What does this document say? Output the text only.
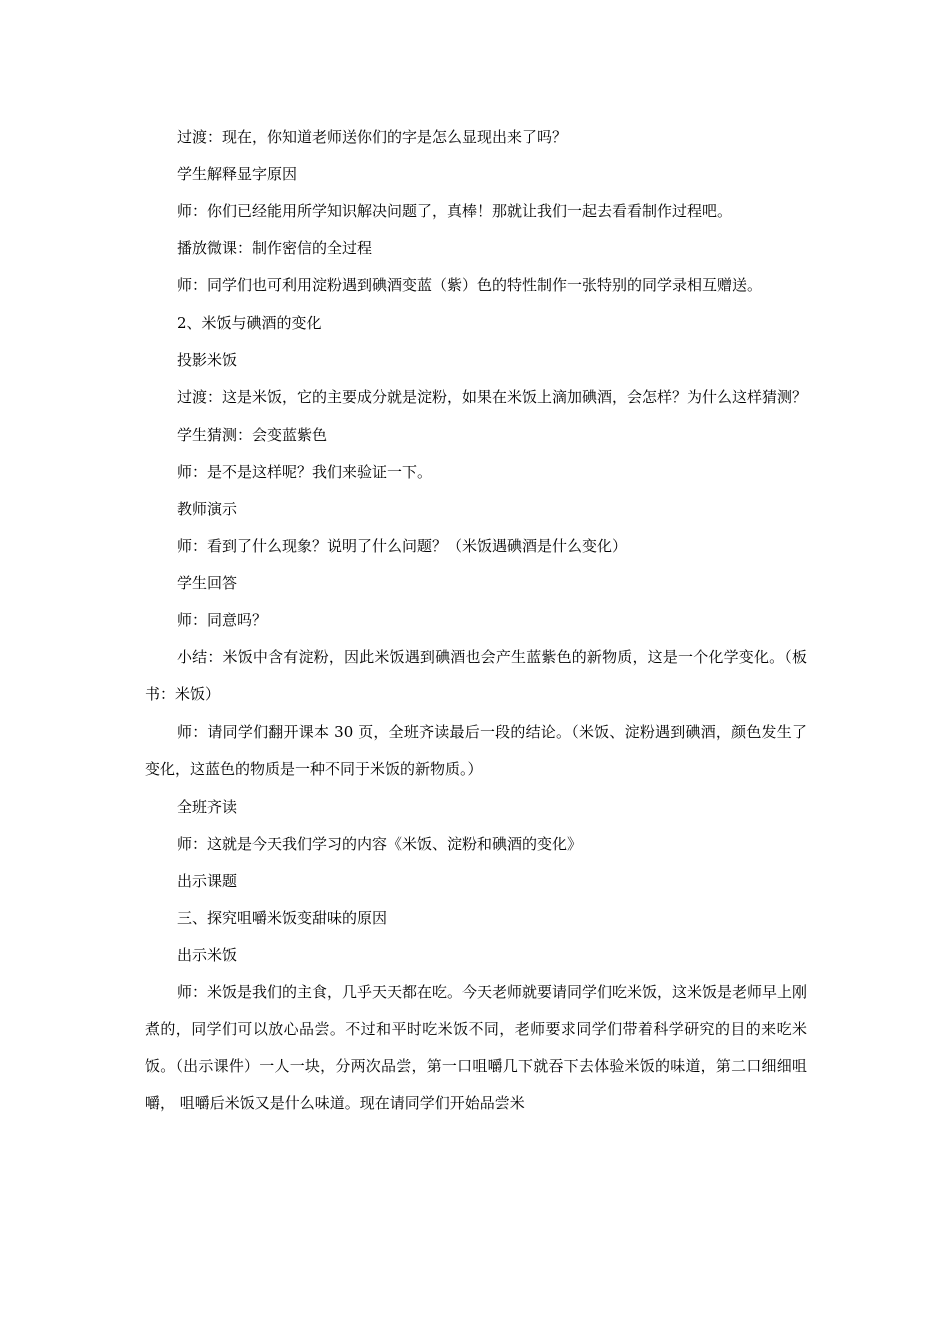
过渡：现在，你知道老师送你们的字是怎么显现出来了吗？

学生解释显字原因

师：你们已经能用所学知识解决问题了，真棒！那就让我们一起去看看制作过程吧。

播放微课：制作密信的全过程

师：同学们也可利用淀粉遇到碘酒变蓝（紫）色的特性制作一张特别的同学录相互赠送。

2、米饭与碘酒的变化

投影米饭

过渡：这是米饭，它的主要成分就是淀粉，如果在米饭上滴加碘酒，会怎样？为什么这样猜测？

学生猜测：会变蓝紫色

师：是不是这样呢？我们来验证一下。

教师演示

师：看到了什么现象？说明了什么问题？（米饭遇碘酒是什么变化）

学生回答

师：同意吗？

小结：米饭中含有淀粉，因此米饭遇到碘酒也会产生蓝紫色的新物质，这是一个化学变化。（板书：米饭）

师：请同学们翻开课本 30 页，全班齐读最后一段的结论。（米饭、淀粉遇到碘酒，颜色发生了变化，这蓝色的物质是一种不同于米饭的新物质。）

全班齐读

师：这就是今天我们学习的内容《米饭、淀粉和碘酒的变化》

出示课题

三、探究咀嚼米饭变甜味的原因

出示米饭

师：米饭是我们的主食，几乎天天都在吃。今天老师就要请同学们吃米饭，这米饭是老师早上刚煮的，同学们可以放心品尝。不过和平时吃米饭不同，老师要求同学们带着科学研究的目的来吃米饭。（出示课件）一人一块，分两次品尝，第一口咀嚼几下就吞下去体验米饭的味道，第二口细细咀嚼， 咀嚼后米饭又是什么味道。现在请同学们开始品尝米
